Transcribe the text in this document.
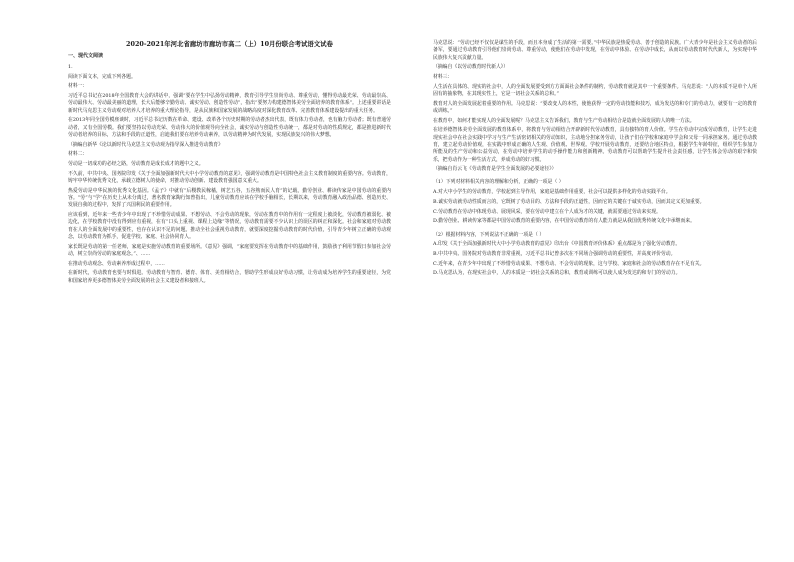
2020-2021年河北省廊坊市廊坊市高二（上）10月份联合考试语文试卷
一、现代文阅读

1.

阅读下面文本，完成下列各题。

材料一：

习近平总书记在2018年全国教育大会的讲话中，强调“要在学生中弘扬劳动精神，教育引导学生崇尚劳动、尊重劳动，懂得劳动最光荣、劳动最崇高、劳动最伟大、劳动最美丽的道理，长大后能够辛勤劳动、诚实劳动、创造性劳动”，指出“要努力构建德智体美劳全面培养的教育体系”。上述重要讲话是新时代马克思主义劳动观对培养人才培养的重大理论指导，是从民族和国家发展的战略高度对深化教育改革、完善教育体系建设提出的重大任务。

在2013年同全国劳模座谈时，习近平总书记历数在革命、建设、改革各个历史时期的劳动者杰出代表，既有体力劳动者，也有脑力劳动者；既有普通劳动者，又有全国劳模。我们要坚持以劳动光荣、劳动伟大的价值观导向全社会，诚实劳动与创造性劳动统一，都是对劳动的性质规定，都是推进新时代劳动者培养的目标，方法和手段的正道性，启迪我们要在培养劳动素养，以劳动精神为时代发展，实现民族复兴的伟大梦想。

（摘编自新华《论以新时代马克思主义劳动观为指导深入推进劳动教育》

材料二：

劳动是一切成功的必经之路，劳动教育是成长成才的题中之义。

不久前，中共中央、国务院印发《关于全面加强新时代大中小学劳动教育的意见》，强调劳动教育是中国特色社会主义教育制度的重要内容。劳动教育，铸牢中华传统优秀文化，承载立德树人的使命，对推动劳动创新、建设教育强国意义重大。

热爱劳动是中华民族的优秀文化基因。《孟子》中就有“后稷教民稼穑，树艺五谷，五谷熟而民人育”的记载，勤劳创业、耕读传家是中国劳动的重要内容。“劳”与“学”在历史上从未分离过，著名教育家陶行知曾指出，儿童劳动教育应该在学校手脑相长，长期以来，劳动教育融入政治品德、创造历史、发展自我的过程中，发挥了兴国利民的重要作用。

应该看到，近年来一些青少年中出现了不珍惜劳动成果、不想劳动、不会劳动的现象，劳动在教育中的作用有一定程度上被淡化，劳动教育被弱化、被边化，在学校教育中没有得到应有重视，在有“口头上重视、课程上边缘”等情况，劳动教育需要不少认识上的误区的纠正和深化。社会和家庭对劳动教育在人的全面发展中的重要性，也存在认识不足的问题。推动全社会重视劳动教育，就要深度挖掘劳动教育的时代价值，引导青少年树立正确的劳动观念，以劳动教育为抓手，促进学校、家庭、社会协同育人。

家长既是劳动的第一任老师，家庭是实施劳动教育的重要场所。《意见》强调，“家庭要发挥在劳动教育中的基础作用，鼓励孩子利用节假日参加社会劳动，树立崇尚劳动的家庭观念。”、……

在推动劳动观念、劳动素养形成过程中，……

在新时代，劳动教育也要与时俱进。劳动教育与智育、德育、体育、美育相结合，帮助学生形成良好劳动习惯，让劳动成为培养学生的重要途径，为党和国家培养更多德智体美劳全面发展的社会主义建设者和接班人。

马克思说：“劳动已经不仅仅是谋生的手段，而且本身成了生活的第一需要。”中华民族是热爱劳动、善于创造的民族。广大青少年是社会主义劳动者的后备军，要通过劳动教育引导他们崇尚劳动、尊重劳动，使他们在劳动中发现，在劳动中体验、在劳动中成长，从而以劳动教育时代代新人，为实现中华民族伟大复兴贡献力量。

（摘编自《以劳动教育时代新人》）

材料三：

人生活在具体的、现实的社会中，人的全面发展要受到方方面面社会条件的制约，劳动教育就是其中一个重要条件。马克思说：“人的本质不是单个人所固有的抽象物，在其现实性上，它是一切社会关系的总和。”

教育对人的全面发展起着重要的作用。马克思说：“要改变人的本性，使他获得一定的劳动技能和技巧，成为发达的和专门的劳动力，就要有一定的教育或训练。”

在教育中，如何才能实现人的全面发展呢？马克思主义告诉我们，教育与生产劳动相结合是造就全面发展的人的唯一方法。

在培养德智体美劳全面发展的教育体系中，将教育与劳动相结合开辟新时代劳动教育，具有独特的育人价值。学生在劳动中完成劳动教育，让学生走进现实社会中在社会实践中学习与生产生活密切相关的劳动知识，主动地分担家务劳动，让孩子们在学校和家庭中学会和父母一同承担家务。通过劳动教育，建立起劳动价值观，在实践中形成正确的人生观、价值观、世界观。学校开展劳动教育，还要结合地区特点，根据学生年龄特征，组织学生参加力所能及的生产劳动和公益劳动，在劳动中培养学生的动手操作能力和创新精神。劳动教育可以帮助学生提升社会责任感，让学生体会劳动的艰辛和快乐，把劳动作为一种生活方式，养成劳动的好习惯。

（摘编自肖云飞《劳动教育是学生全面发展的必要途径》）

（1）下列对材料相关内容的理解和分析，正确的一项是（ ）

A.对大中小学生的劳动教育，学校起到主导作用，家庭是基础作用重要，社会可以提供多样化的劳动实践平台。

B.诚实劳动就劳动性质而言的，它既树了劳动目的、方法和手段的正道性，因而它的关键在于诚实劳动，因而其定义更加重要。

C.劳动教育在劳动中体现劳动、展现风采，要在劳动中建立在个人成为才的关键，就需要通过劳动来实现。

D.勤劳创业、耕读传家等都是中国劳动教育的重要内容，在中国劳动教育的有人能力就是从我国优秀传统文化中承继而来。

（2）根据材料内容，下列说法不正确的一项是（ ）

A.印发《关于全面加强新时代大中小学劳动教育的意见》印出台《中国教育评价体系》重点都是为了强化劳动教育。

B.中共中央、国务院对劳动教育非常重视，习近平总书记曾多次在不同场合强调劳动的重要性，并高度评价劳动。

C.近年来，在青少年中出现了不珍惜劳动成果、不想劳动、不会劳动的现象，这与学校、家庭和社会的劳动教育存在不足有关。

D.马克思认为，在现实社会中，人的本质是一切社会关系的总和，教育或训练可以使人成为发达的和专门的劳动力。
